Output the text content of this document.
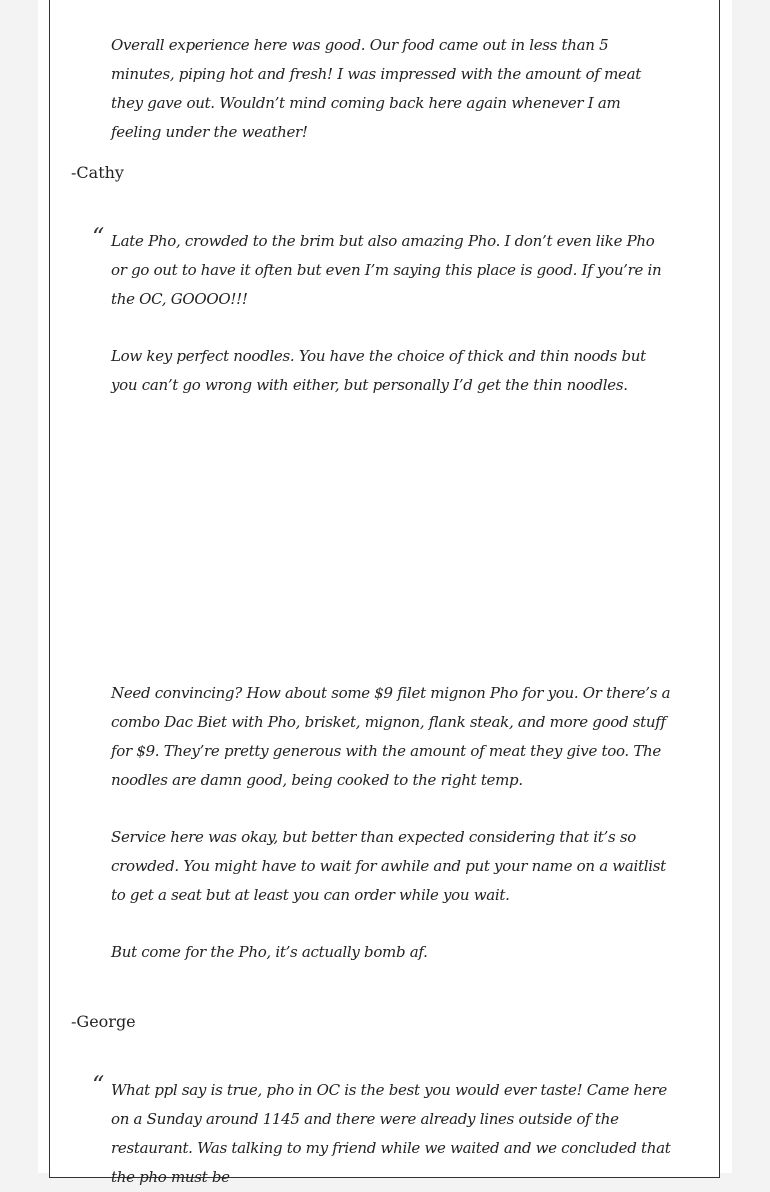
Overall experience here was good. Our food came out in less than 5 minutes, piping hot and fresh! I was impressed with the amount of meat they gave out. Wouldn’t mind coming back here again whenever I am feeling under the weather!

-Cathy
“ Late Pho, crowded to the brim but also amazing Pho. I don’t even like Pho or go out to have it often but even I’m saying this place is good. If you’re in the OC, GOOOO!!!

Low key perfect noodles. You have the choice of thick and thin noods but you can’t go wrong with either, but personally I’d get the thin noodles.

Need convincing? How about some $9 filet mignon Pho for you. Or there’s a combo Dac Biet with Pho, brisket, mignon, flank steak, and more good stuff for $9. They’re pretty generous with the amount of meat they give too. The noodles are damn good, being cooked to the right temp.

Service here was okay, but better than expected considering that it’s so crowded. You might have to wait for awhile and put your name on a waitlist to get a seat but at least you can order while you wait.

But come for the Pho, it’s actually bomb af.

-George
“ What ppl say is true, pho in OC is the best you would ever taste! Came here on a Sunday around 1145 and there were already lines outside of the restaurant. Was talking to my friend while we waited and we concluded that the pho must be
